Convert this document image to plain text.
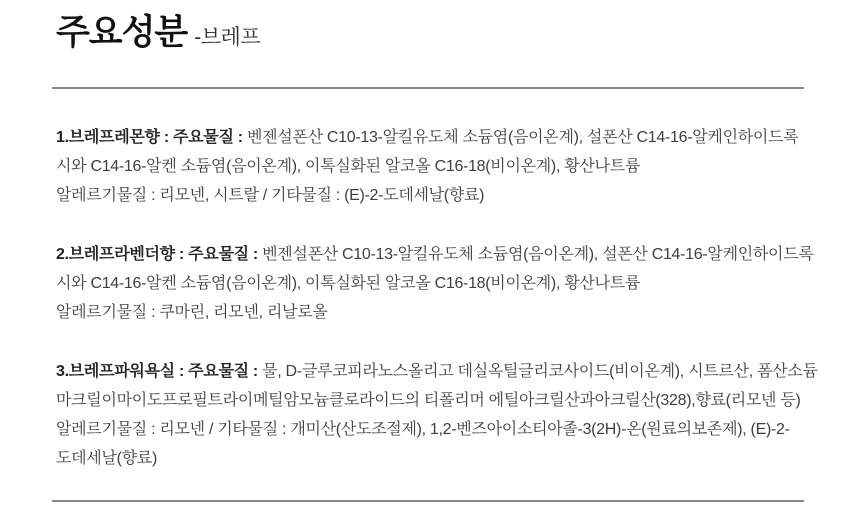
주요성분 -브레프

1.브레프레몬향 : 주요물질 : 벤젠설폰산 C10-13-알킬유도체 소듐염(음이온계), 설폰산 C14-16-알케인하이드록

시와 C14-16-알켄 소듐염(음이온계), 이톡실화된 알코올 C16-18(비이온계), 황산나트륨

알레르기물질 : 리모넨, 시트랄 / 기타물질 : (E)-2-도데세날(향료)

2.브레프라벤더향 : 주요물질 : 벤젠설폰산 C10-13-알킬유도체 소듐염(음이온계), 설폰산 C14-16-알케인하이드록

시와 C14-16-알켄 소듐염(음이온계), 이톡실화된 알코올 C16-18(비이온계), 황산나트륨

알레르기물질 : 쿠마린, 리모넨, 리날로올

3.브레프파워욕실 : 주요물질 : 물, D-글루코피라노스올리고 데실옥틸글리코사이드(비이온계), 시트르산, 폼산소듐

마크릴이마이도프로필트라이메틸암모늄클로라이드의 티폴리머 에틸아크릴산과아크릴산(328),향료(리모넨 등)

알레르기물질 : 리모넨 / 기타물질 : 개미산(산도조절제), 1,2-벤즈아이소티아졸-3(2H)-온(원료의보존제), (E)-2-

도데세날(향료)
